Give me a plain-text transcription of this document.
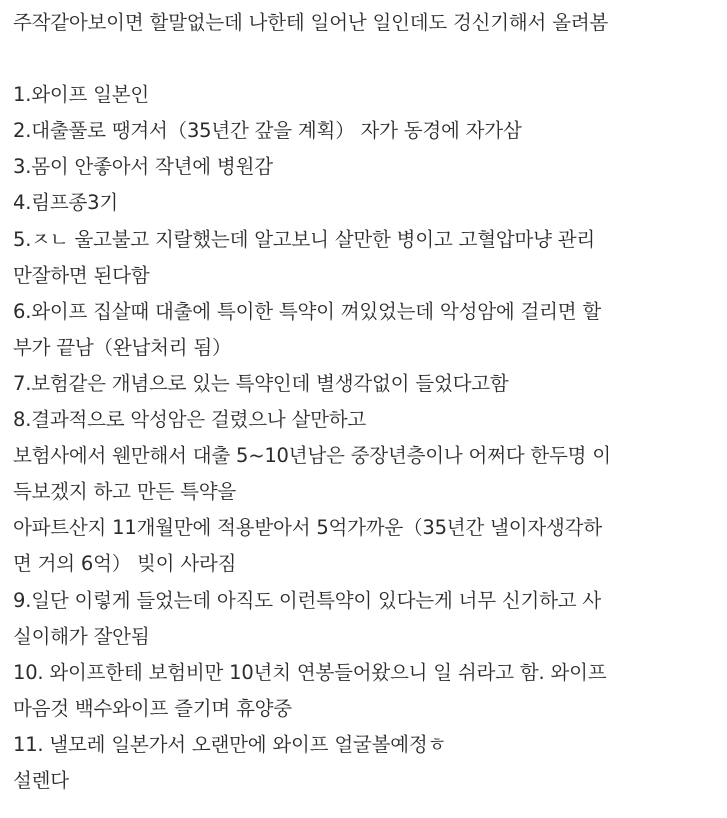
주작같아보이면 할말없는데 나한테 일어난 일인데도 겅신기해서 올려봄
1.와이프 일본인
2.대출풀로 땡겨서（35년간 갚을 계획） 자가 동경에 자가삼
3.몸이 안좋아서 작년에 병원감
4.림프종3기
5.ㅈㄴ 울고불고 지랄했는데 알고보니 살만한 병이고 고혈압마냥 관리
만잘하면 된다함
6.와이프 집살때 대출에 특이한 특약이 껴있었는데 악성암에 걸리면 할
부가 끝남（완납처리 됨）
7.보험같은 개념으로 있는 특약인데 별생각없이 들었다고함
8.결과적으로 악성암은 걸렸으나 살만하고
보험사에서 웬만해서 대출 5~10년남은 중장년층이나 어쩌다 한두명 이
득보겠지 하고 만든 특약을
아파트산지 11개월만에 적용받아서 5억가까운（35년간 낼이자생각하
면 거의 6억） 빚이 사라짐
9.일단 이렇게 들었는데 아직도 이런특약이 있다는게 너무 신기하고 사
실이해가 잘안됨
10. 와이프한테 보험비만 10년치 연봉들어왔으니 일 쉬라고 함. 와이프
마음것 백수와이프 즐기며 휴양중
11. 낼모레 일본가서 오랜만에 와이프 얼굴볼예정ㅎ
설렌다
